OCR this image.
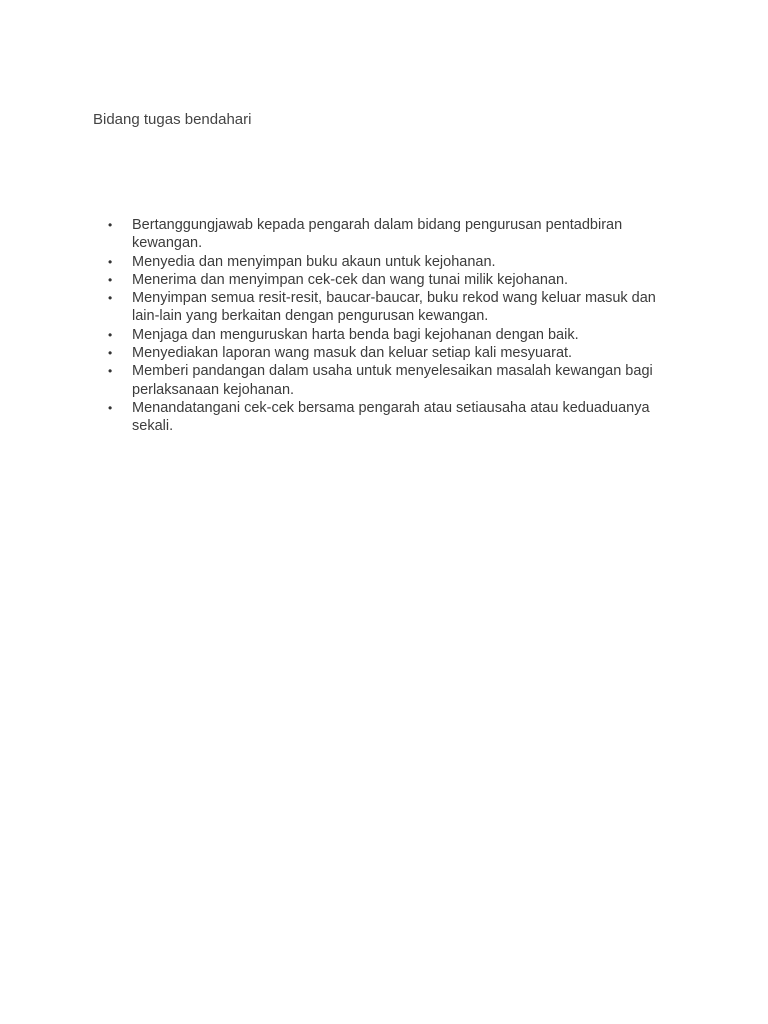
Bidang tugas bendahari
• Bertanggungjawab kepada pengarah dalam bidang pengurusan pentadbiran kewangan.
• Menyedia dan menyimpan buku akaun untuk kejohanan.
• Menerima dan menyimpan cek-cek dan wang tunai milik kejohanan.
• Menyimpan semua resit-resit, baucar-baucar, buku rekod wang keluar masuk dan lain-lain yang berkaitan dengan pengurusan kewangan.
• Menjaga dan menguruskan harta benda bagi kejohanan dengan baik.
• Menyediakan laporan wang masuk dan keluar setiap kali mesyuarat.
• Memberi pandangan dalam usaha untuk menyelesaikan masalah kewangan bagi perlaksanaan kejohanan.
• Menandatangani cek-cek bersama pengarah atau setiausaha atau keduaduanya sekali.
